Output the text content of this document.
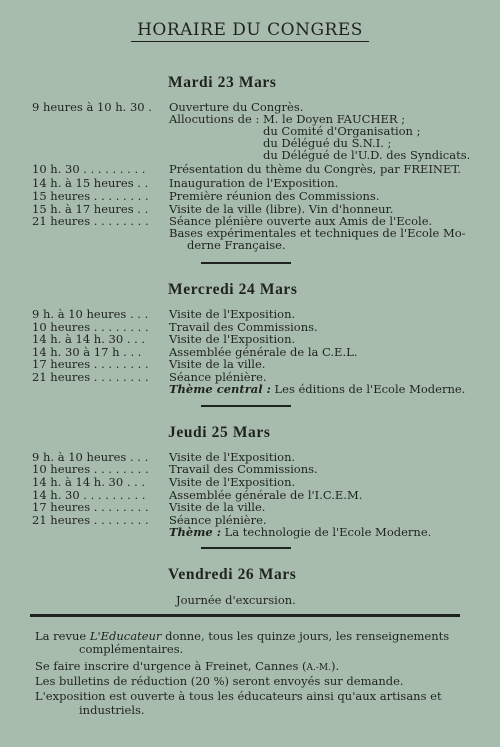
HORAIRE DU CONGRES
Mardi 23 Mars
9 heures à 10 h. 30 . Ouverture du Congrès.
Allocutions de : M. le Doyen FAUCHER ;
du Comité d'Organisation ;
du Délégué du S.N.I. ;
du Délégué de l'U.D. des Syndicats.
10 h. 30 . . . . . . . . . Présentation du thème du Congrès, par FREINET.
14 h. à 15 heures . . Inauguration de l'Exposition.
15 heures . . . . . . . . Première réunion des Commissions.
15 h. à 17 heures . . Visite de la ville (libre). Vin d'honneur.
21 heures . . . . . . . . Séance plénière ouverte aux Amis de l'Ecole.
Bases expérimentales et techniques de l'Ecole Mo-
derne Française.
Mercredi 24 Mars
9 h. à 10 heures . . . Visite de l'Exposition.
10 heures . . . . . . . . Travail des Commissions.
14 h. à 14 h. 30 . . . Visite de l'Exposition.
14 h. 30 à 17 h . . . Assemblée générale de la C.E.L.
17 heures . . . . . . . . Visite de la ville.
21 heures . . . . . . . . Séance plénière.
Thème central : Les éditions de l'Ecole Moderne.
Jeudi 25 Mars
9 h. à 10 heures . . . Visite de l'Exposition.
10 heures . . . . . . . . Travail des Commissions.
14 h. à 14 h. 30 . . . Visite de l'Exposition.
14 h. 30 . . . . . . . . . Assemblée générale de l'I.C.E.M.
17 heures . . . . . . . . Visite de la ville.
21 heures . . . . . . . . Séance plénière.
Thème : La technologie de l'Ecole Moderne.
Vendredi 26 Mars
Journée d'excursion.
La revue L'Educateur donne, tous les quinze jours, les renseignements
complémentaires.
Se faire inscrire d'urgence à Freinet, Cannes (A.-M.).
Les bulletins de réduction (20 %) seront envoyés sur demande.
L'exposition est ouverte à tous les éducateurs ainsi qu'aux artisans et
industriels.
